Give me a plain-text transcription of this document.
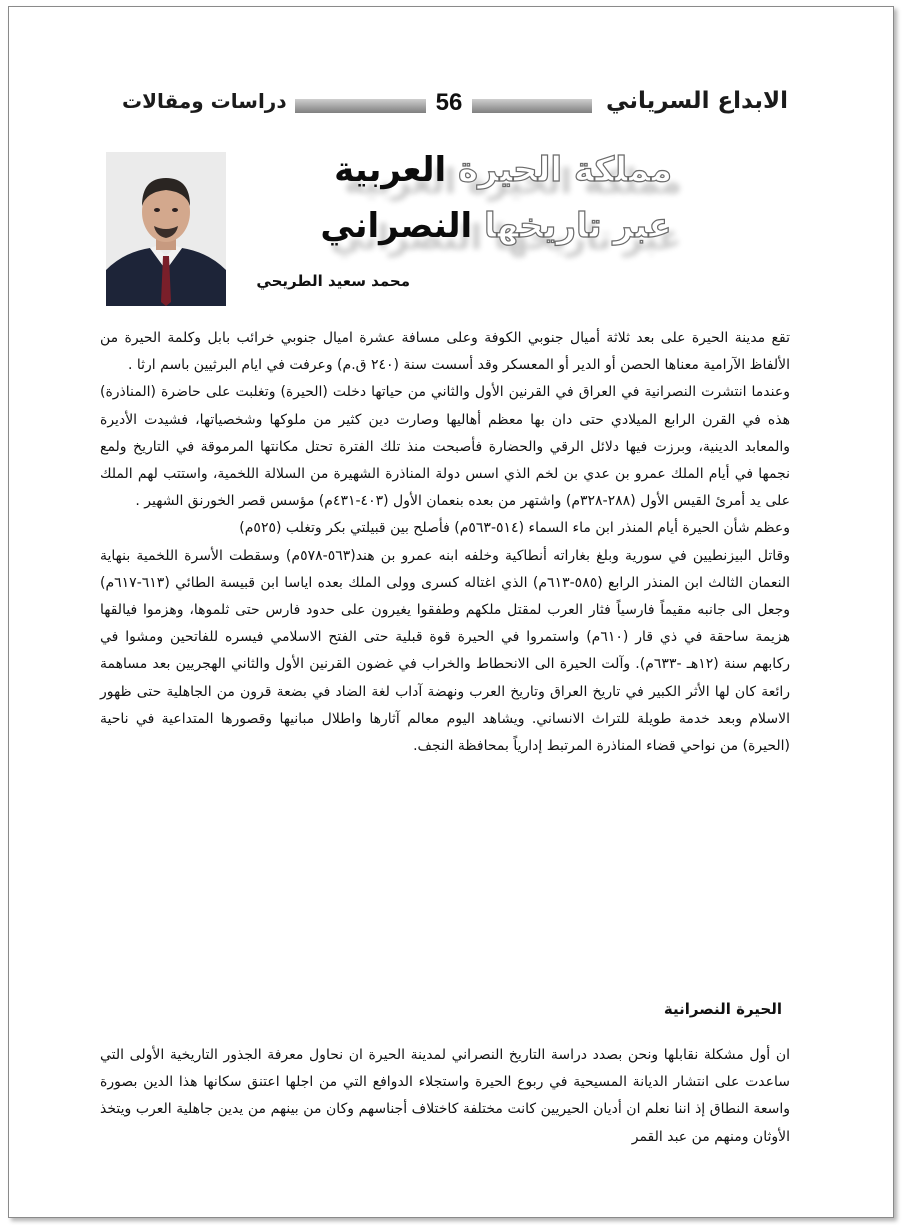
دراسات ومقالات	56	الابداع السرياني
مملكة الحيرة العربية
عبر تاريخها النصراني
محمد سعيد الطريحي

تقع مدينة الحيرة على بعد ثلاثة أميال جنوبي الكوفة وعلى مسافة عشرة اميال جنوبي خرائب بابل وكلمة الحيرة من الألفاظ الآرامية معناها الحصن أو الدير أو المعسكر وقد أسست سنة (٢٤٠ ق.م) وعرفت في ايام البرثيين باسم ارثا .

وعندما انتشرت النصرانية في العراق في القرنين الأول والثاني من حياتها دخلت (الحيرة) وتغلبت على حاضرة (المناذرة) هذه في القرن الرابع الميلادي حتى دان بها معظم أهاليها وصارت دين كثير من ملوكها وشخصياتها، فشيدت الأديرة والمعابد الدينية، وبرزت فيها دلائل الرقي والحضارة فأصبحت منذ تلك الفترة تحتل مكانتها المرموقة في التاريخ ولمع نجمها في أيام الملك عمرو بن عدي بن لخم الذي اسس دولة المناذرة الشهيرة من السلالة اللخمية، واستتب لهم الملك على يد أمرئ القيس الأول (٢٨٨-٣٢٨م) واشتهر من بعده بنعمان الأول (٤٠٣-٤٣١م) مؤسس قصر الخورنق الشهير .

وعظم شأن الحيرة أيام المنذر ابن ماء السماء (٥١٤-٥٦٣م) فأصلح بين قبيلتي بكر وتغلب (٥٢٥م)

وقاتل البيزنطيين في سورية وبلغ بغاراته أنطاكية وخلفه ابنه عمرو بن هند(٥٦٣-٥٧٨م) وسقطت الأسرة اللخمية بنهاية النعمان الثالث ابن المنذر الرابع (٥٨٥-٦١٣م) الذي اغتاله كسرى وولى الملك بعده اياسا ابن قبيسة الطائي (٦١٣-٦١٧م) وجعل الى جانبه مقيماً فارسياً فثار العرب لمقتل ملكهم وطفقوا يغيرون على حدود فارس حتى ثلموها، وهزموا فيالقها هزيمة ساحقة في ذي قار (٦١٠م) واستمروا في الحيرة قوة قبلية حتى الفتح الاسلامي فيسره للفاتحين ومشوا في ركابهم سنة (١٢هـ -٦٣٣م). وآلت الحيرة الى الانحطاط والخراب في غضون القرنين الأول والثاني الهجريين بعد مساهمة رائعة كان لها الأثر الكبير في تاريخ العراق وتاريخ العرب ونهضة آداب لغة الضاد في بضعة قرون من الجاهلية حتى ظهور الاسلام وبعد خدمة طويلة للتراث الانساني. ويشاهد اليوم معالم آثارها واطلال مبانيها وقصورها المتداعية في ناحية (الحيرة) من نواحي قضاء المناذرة المرتبط إدارياً بمحافظة النجف.

الحيرة النصرانية

ان أول مشكلة نقابلها ونحن بصدد دراسة التاريخ النصراني لمدينة الحيرة ان نحاول معرفة الجذور التاريخية الأولى التي ساعدت على انتشار الديانة المسيحية في ربوع الحيرة واستجلاء الدوافع التي من اجلها اعتنق سكانها هذا الدين بصورة واسعة النطاق إذ اننا نعلم ان أديان الحيريين كانت مختلفة كاختلاف أجناسهم وكان من بينهم من يدين جاهلية العرب ويتخذ الأوثان ومنهم من عبد القمر
